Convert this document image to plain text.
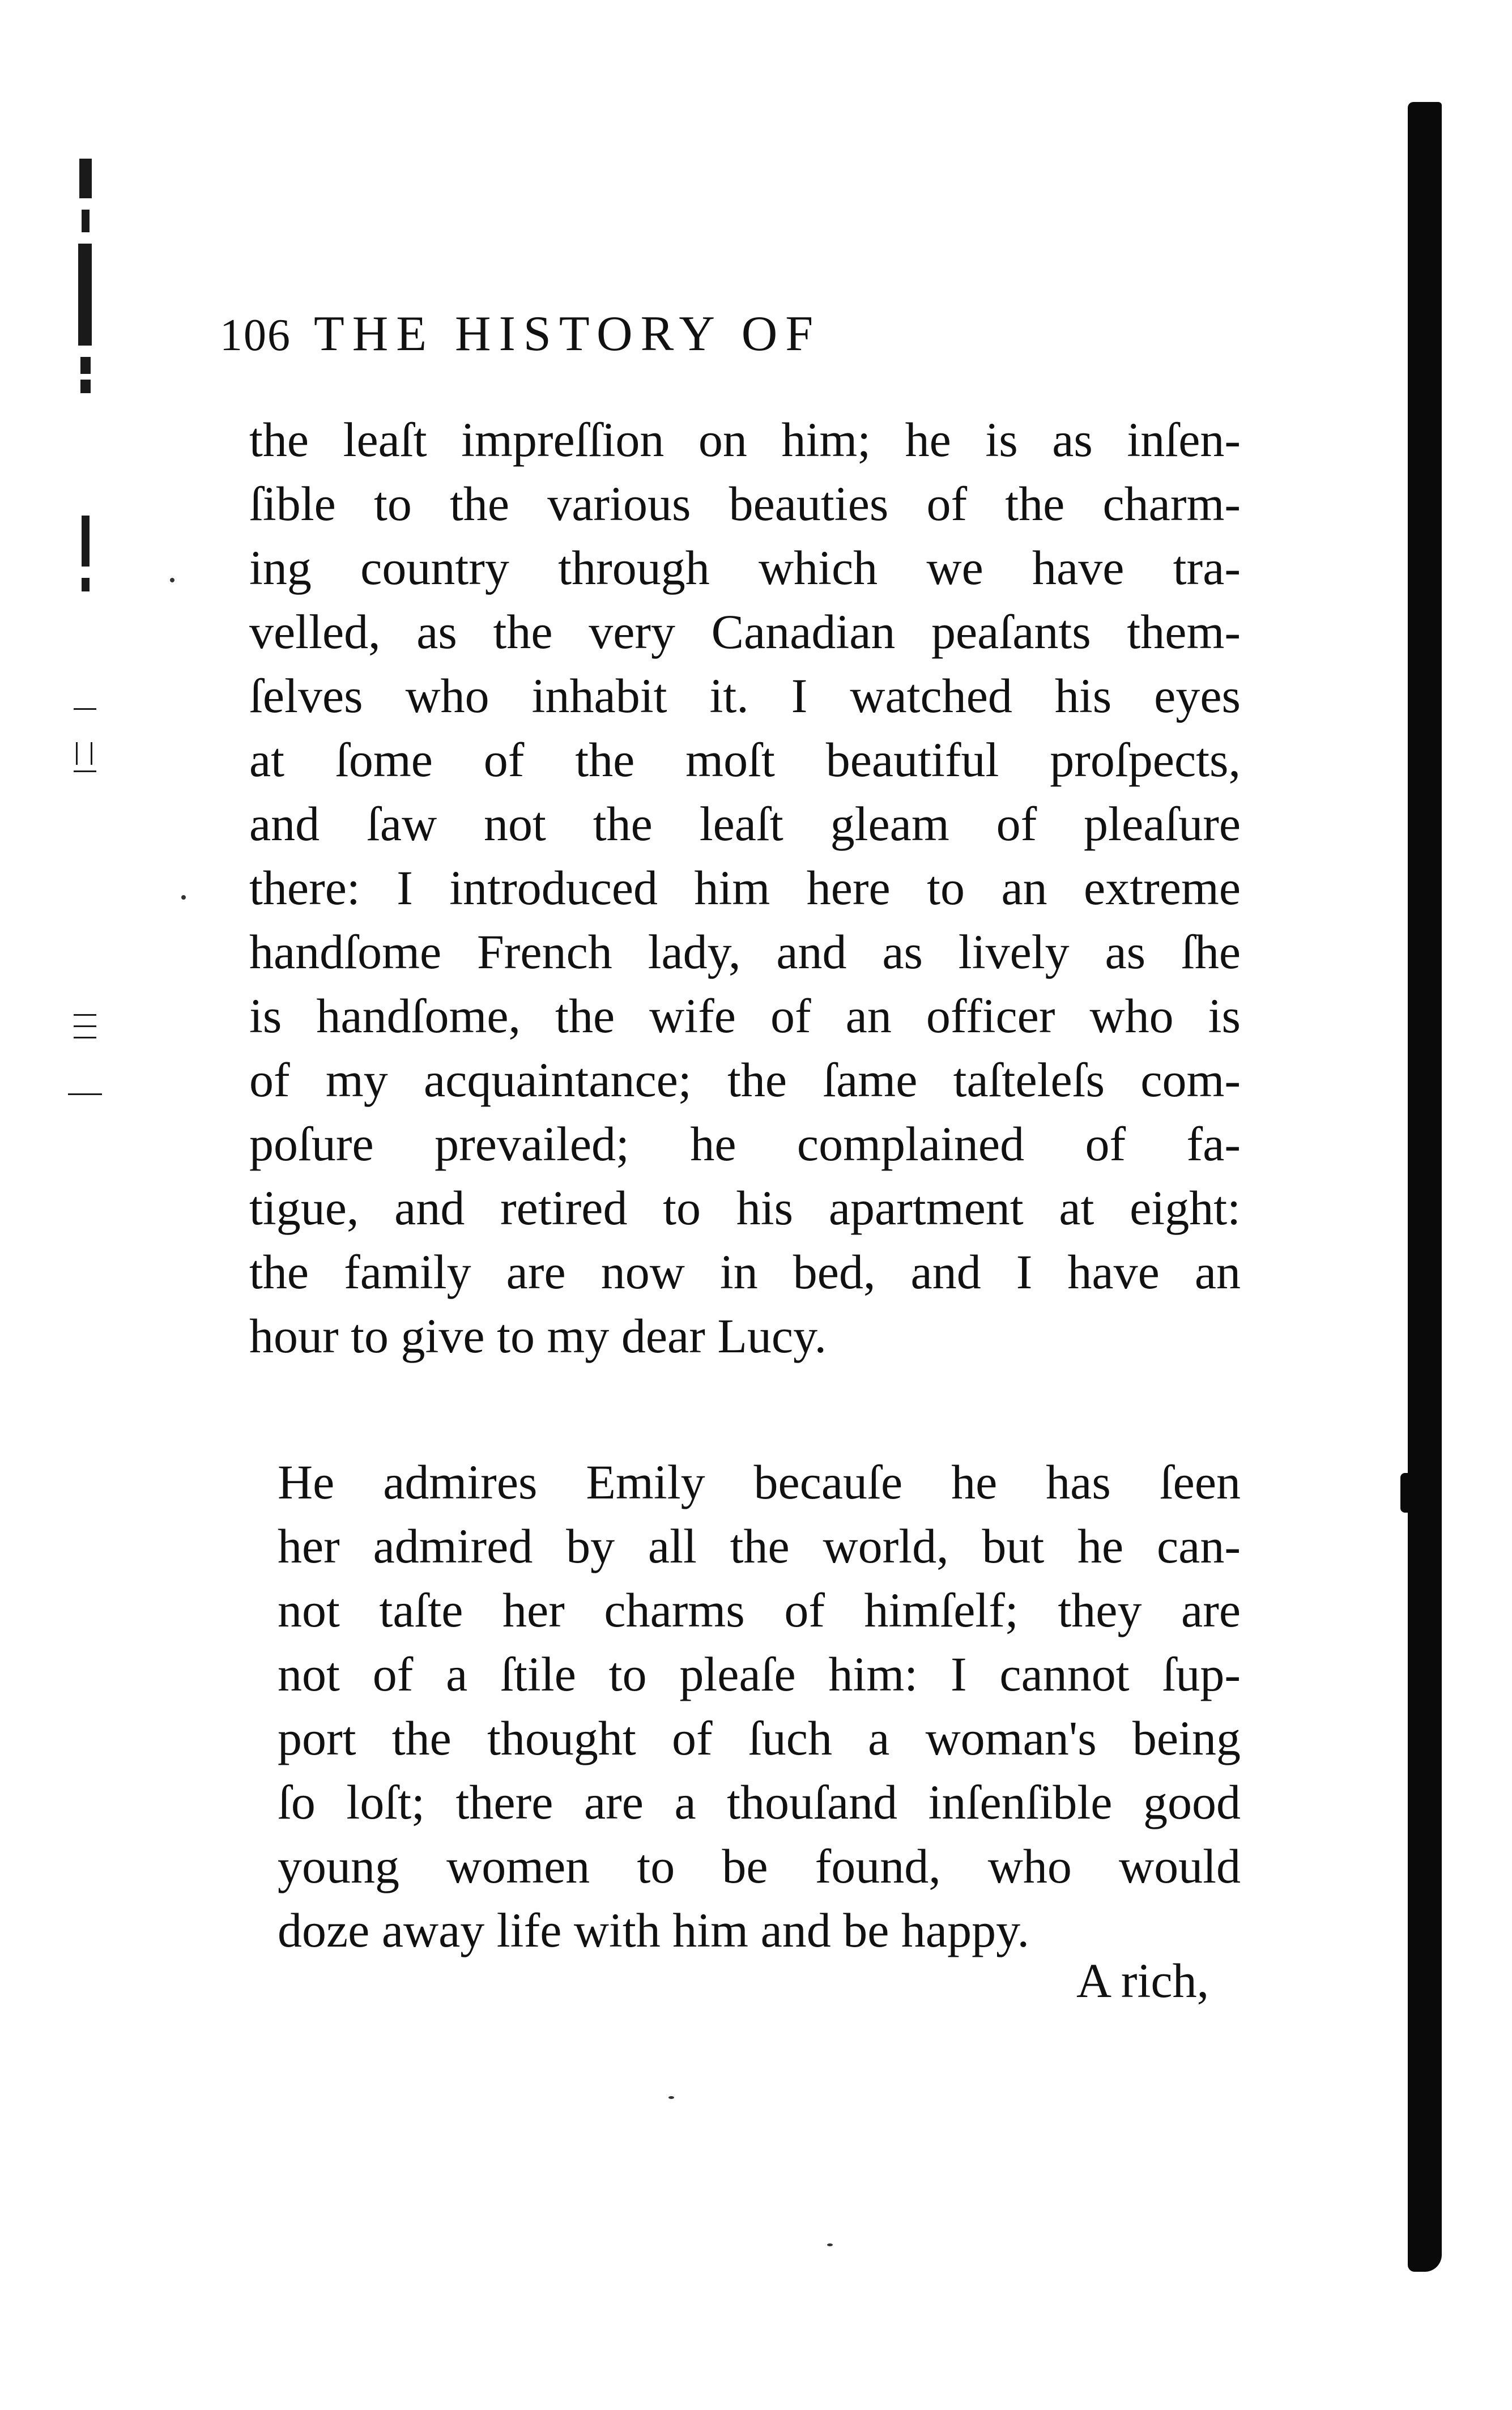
106 THE HISTORY OF
the leaſt impreſſion on him; he is as inſen-
ſible to the various beauties of the charm-
ing country through which we have tra-
velled, as the very Canadian peaſants them-
ſelves who inhabit it. I watched his eyes
at ſome of the moſt beautiful proſpects,
and ſaw not the leaſt gleam of pleaſure
there: I introduced him here to an extreme
handſome French lady, and as lively as ſhe
is handſome, the wife of an officer who is
of my acquaintance; the ſame taſteleſs com-
poſure prevailed; he complained of fa-
tigue, and retired to his apartment at eight:
the family are now in bed, and I have an
hour to give to my dear Lucy.
He admires Emily becauſe he has ſeen
her admired by all the world, but he can-
not taſte her charms of himſelf; they are
not of a ſtile to pleaſe him: I cannot ſup-
port the thought of ſuch a woman's being
ſo loſt; there are a thouſand inſenſible good
young women to be found, who would
doze away life with him and be happy.
A rich,
